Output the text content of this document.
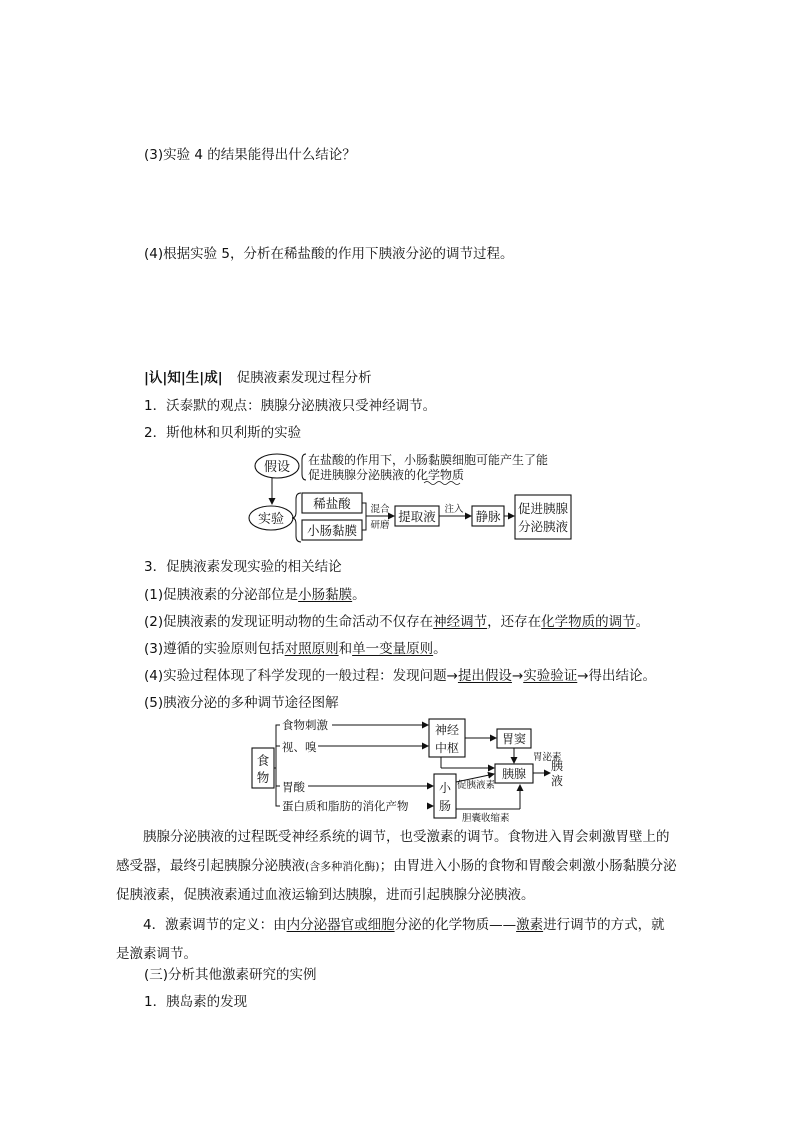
(3)实验 4 的结果能得出什么结论？
(4)根据实验 5，分析在稀盐酸的作用下胰液分泌的调节过程。
|认|知|生|成| 促胰液素发现过程分析
1．沃泰默的观点：胰腺分泌胰液只受神经调节。
2．斯他林和贝利斯的实验
假设 在盐酸的作用下，小肠黏膜细胞可能产生了能
促进胰腺分泌胰液的化学物质
实验
稀盐酸
小肠黏膜
混合
研磨
提取液 注入 静脉
促进胰腺
分泌胰液
3．促胰液素发现实验的相关结论
(1)促胰液素的分泌部位是小肠黏膜。
(2)促胰液素的发现证明动物的生命活动不仅存在神经调节，还存在化学物质的调节。
(3)遵循的实验原则包括对照原则和单一变量原则。
(4)实验过程体现了科学发现的一般过程：发现问题→提出假设→实验验证→得出结论。
(5)胰液分泌的多种调节途径图解
食
物
食物刺激
视、嗅
胃酸
蛋白质和脂肪的消化产物
神经
中枢
胃窦
胃泌素
胰腺
胰
液
小
肠
促胰液素
胆囊收缩素
胰腺分泌胰液的过程既受神经系统的调节，也受激素的调节。食物进入胃会刺激胃壁上的感受器，最终引起胰腺分泌胰液(含多种消化酶)；由胃进入小肠的食物和胃酸会刺激小肠黏膜分泌促胰液素，促胰液素通过血液运输到达胰腺，进而引起胰腺分泌胰液。
4．激素调节的定义：由内分泌器官或细胞分泌的化学物质——激素进行调节的方式，就是激素调节。
(三)分析其他激素研究的实例
1．胰岛素的发现
